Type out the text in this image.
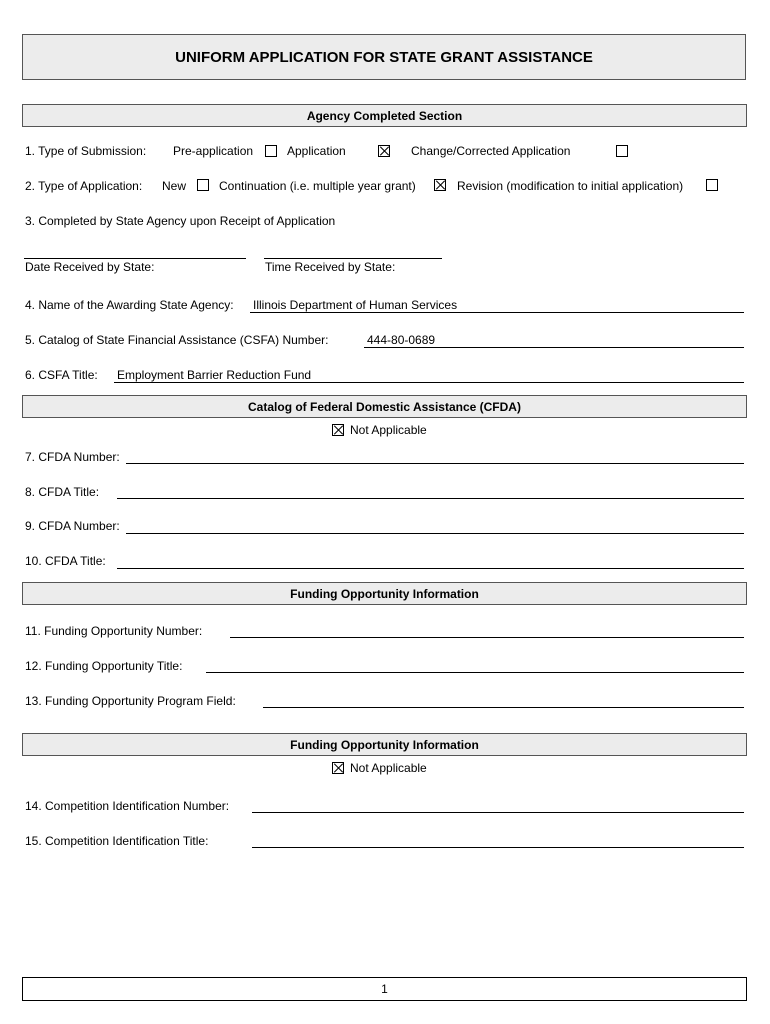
UNIFORM APPLICATION FOR STATE GRANT ASSISTANCE
Agency Completed Section
1. Type of Submission: Pre-application	Application	Change/Corrected Application
2. Type of Application: New	Continuation (i.e. multiple year grant)	Revision (modification to initial application)
3. Completed by State Agency upon Receipt of Application
Date Received by State:	Time Received by State:
4. Name of the Awarding State Agency: Illinois Department of Human Services
5. Catalog of State Financial Assistance (CSFA) Number:	444-80-0689
6. CSFA Title: Employment Barrier Reduction Fund
Catalog of Federal Domestic Assistance (CFDA)
Not Applicable
7. CFDA Number:
8. CFDA Title:
9. CFDA Number:
10. CFDA Title:
Funding Opportunity Information
11. Funding Opportunity Number:
12. Funding Opportunity Title:
13. Funding Opportunity Program Field:
Funding Opportunity Information
Not Applicable
14. Competition Identification Number:
15. Competition Identification Title:
1
